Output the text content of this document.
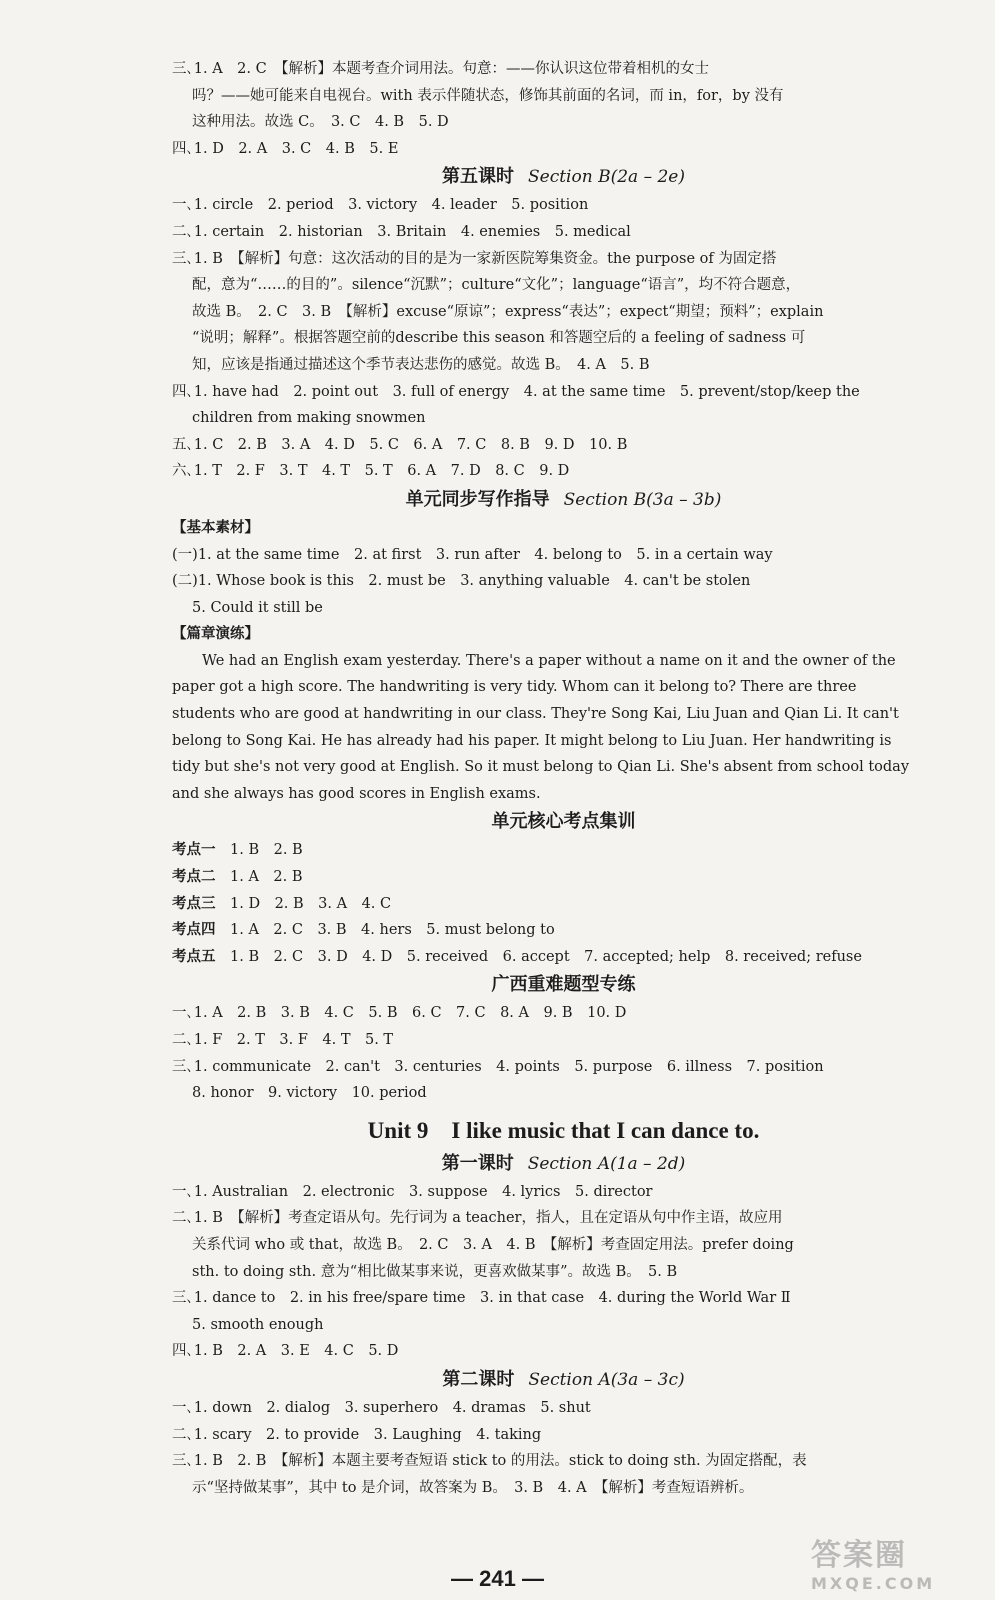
三､1. A　2. C　【解析】本题考查介词用法。句意：——你认识这位带着相机的女士
吗？——她可能来自电视台。with 表示伴随状态，修饰其前面的名词，而 in，for，by 没有
这种用法。故选 C。　3. C　4. B　5. D
四､1. D　2. A　3. C　4. B　5. E
第五课时 Section B(2a – 2e)
一､1. circle　2. period　3. victory　4. leader　5. position
二､1. certain　2. historian　3. Britain　4. enemies　5. medical
三､1. B　【解析】句意：这次活动的目的是为一家新医院筹集资金。the purpose of 为固定搭
配，意为“……的目的”。silence“沉默”；culture“文化”；language“语言”，均不符合题意，
故选 B。　2. C　3. B　【解析】excuse“原谅”；express“表达”；expect“期望；预料”；explain
“说明；解释”。根据答题空前的describe this season 和答题空后的 a feeling of sadness 可
知，应该是指通过描述这个季节表达悲伤的感觉。故选 B。　4. A　5. B
四､1. have had　2. point out　3. full of energy　4. at the same time　5. prevent/stop/keep the
children from making snowmen
五､1. C　2. B　3. A　4. D　5. C　6. A　7. C　8. B　9. D　10. B
六､1. T　2. F　3. T　4. T　5. T　6. A　7. D　8. C　9. D
单元同步写作指导 Section B(3a – 3b)
【基本素材】
(一)1. at the same time　2. at first　3. run after　4. belong to　5. in a certain way
(二)1. Whose book is this　2. must be　3. anything valuable　4. can't be stolen
5. Could it still be
【篇章演练】
We had an English exam yesterday. There's a paper without a name on it and the owner of the
paper got a high score. The handwriting is very tidy. Whom can it belong to? There are three
students who are good at handwriting in our class. They're Song Kai, Liu Juan and Qian Li. It can't
belong to Song Kai. He has already had his paper. It might belong to Liu Juan. Her handwriting is
tidy but she's not very good at English. So it must belong to Qian Li. She's absent from school today
and she always has good scores in English exams.
单元核心考点集训
考点一　1. B　2. B
考点二　1. A　2. B
考点三　1. D　2. B　3. A　4. C
考点四　1. A　2. C　3. B　4. hers　5. must belong to
考点五　1. B　2. C　3. D　4. D　5. received　6. accept　7. accepted; help　8. received; refuse
广西重难题型专练
一､1. A　2. B　3. B　4. C　5. B　6. C　7. C　8. A　9. B　10. D
二､1. F　2. T　3. F　4. T　5. T
三､1. communicate　2. can't　3. centuries　4. points　5. purpose　6. illness　7. position
8. honor　9. victory　10. period
Unit 9　I like music that I can dance to.
第一课时 Section A(1a – 2d)
一､1. Australian　2. electronic　3. suppose　4. lyrics　5. director
二､1. B　【解析】考查定语从句。先行词为 a teacher，指人，且在定语从句中作主语，故应用
关系代词 who 或 that，故选 B。　2. C　3. A　4. B　【解析】考查固定用法。prefer doing
sth. to doing sth. 意为“相比做某事来说，更喜欢做某事”。故选 B。　5. B
三､1. dance to　2. in his free/spare time　3. in that case　4. during the World War Ⅱ
5. smooth enough
四､1. B　2. A　3. E　4. C　5. D
第二课时 Section A(3a – 3c)
一､1. down　2. dialog　3. superhero　4. dramas　5. shut
二､1. scary　2. to provide　3. Laughing　4. taking
三､1. B　2. B　【解析】本题主要考查短语 stick to 的用法。stick to doing sth. 为固定搭配，表
示“坚持做某事”，其中 to 是介词，故答案为 B。　3. B　4. A　【解析】考查短语辨析。
— 241 —
答案圈
MXQE.COM
